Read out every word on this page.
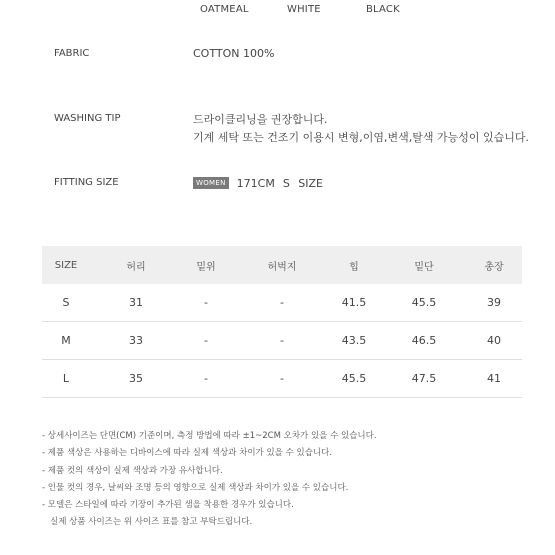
OATMEAL	WHITE	BLACK
FABRIC	COTTON 100%
WASHING TIP	드라이클리닝을 권장합니다.
기계 세탁 또는 건조기 이용시 변형,이염,변색,탈색 가능성이 있습니다.
FITTING SIZE	WOMEN 171CM S SIZE
SIZE	허리	밑위	허벅지	힙	밑단	총장
S	31	-	-	41.5	45.5	39
M	33	-	-	43.5	46.5	40
L	35	-	-	45.5	47.5	41
- 상세사이즈는 단면(CM) 기준이며, 측정 방법에 따라 ±1~2CM 오차가 있을 수 있습니다.
- 제품 색상은 사용하는 디바이스에 따라 실제 색상과 차이가 있을 수 있습니다.
- 제품 컷의 색상이 실제 색상과 가장 유사합니다.
- 인물 컷의 경우, 날씨와 조명 등의 영향으로 실제 색상과 차이가 있을 수 있습니다.
- 모델은 스타일에 따라 기장이 추가된 샘을 착용한 경우가 있습니다.
실제 상품 사이즈는 위 사이즈 표를 참고 부탁드립니다.
